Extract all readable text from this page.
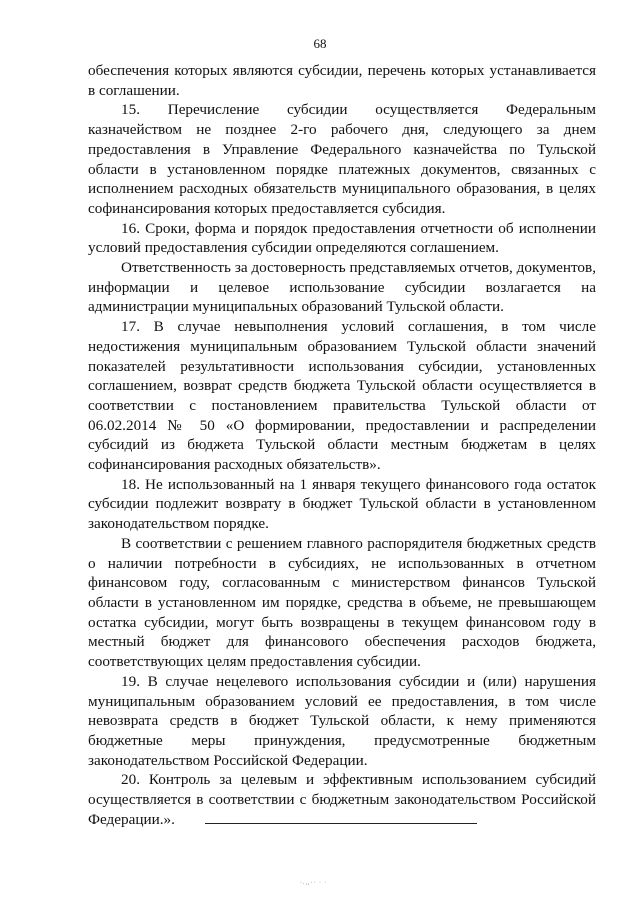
68

обеспечения которых являются субсидии, перечень которых устанавливается в соглашении.

15. Перечисление субсидии осуществляется Федеральным казначейством не позднее 2-го рабочего дня, следующего за днем предоставления в Управление Федерального казначейства по Тульской области в установленном порядке платежных документов, связанных с исполнением расходных обязательств муниципального образования, в целях софинансирования которых предоставляется субсидия.

16. Сроки, форма и порядок предоставления отчетности об исполнении условий предоставления субсидии определяются соглашением.

Ответственность за достоверность представляемых отчетов, документов, информации и целевое использование субсидии возлагается на администрации муниципальных образований Тульской области.

17. В случае невыполнения условий соглашения, в том числе недостижения муниципальным образованием Тульской области значений показателей результативности использования субсидии, установленных соглашением, возврат средств бюджета Тульской области осуществляется в соответствии с постановлением правительства Тульской области от 06.02.2014 № 50 «О формировании, предоставлении и распределении субсидий из бюджета Тульской области местным бюджетам в целях софинансирования расходных обязательств».

18. Не использованный на 1 января текущего финансового года остаток субсидии подлежит возврату в бюджет Тульской области в установленном законодательством порядке.

В соответствии с решением главного распорядителя бюджетных средств о наличии потребности в субсидиях, не использованных в отчетном финансовом году, согласованным с министерством финансов Тульской области в установленном им порядке, средства в объеме, не превышающем остатка субсидии, могут быть возвращены в текущем финансовом году в местный бюджет для финансового обеспечения расходов бюджета, соответствующих целям предоставления субсидии.

19. В случае нецелевого использования субсидии и (или) нарушения муниципальным образованием условий ее предоставления, в том числе невозврата средств в бюджет Тульской области, к нему применяются бюджетные меры принуждения, предусмотренные бюджетным законодательством Российской Федерации.

20. Контроль за целевым и эффективным использованием субсидий осуществляется в соответствии с бюджетным законодательством Российской Федерации.».

·.,,·· · ·
